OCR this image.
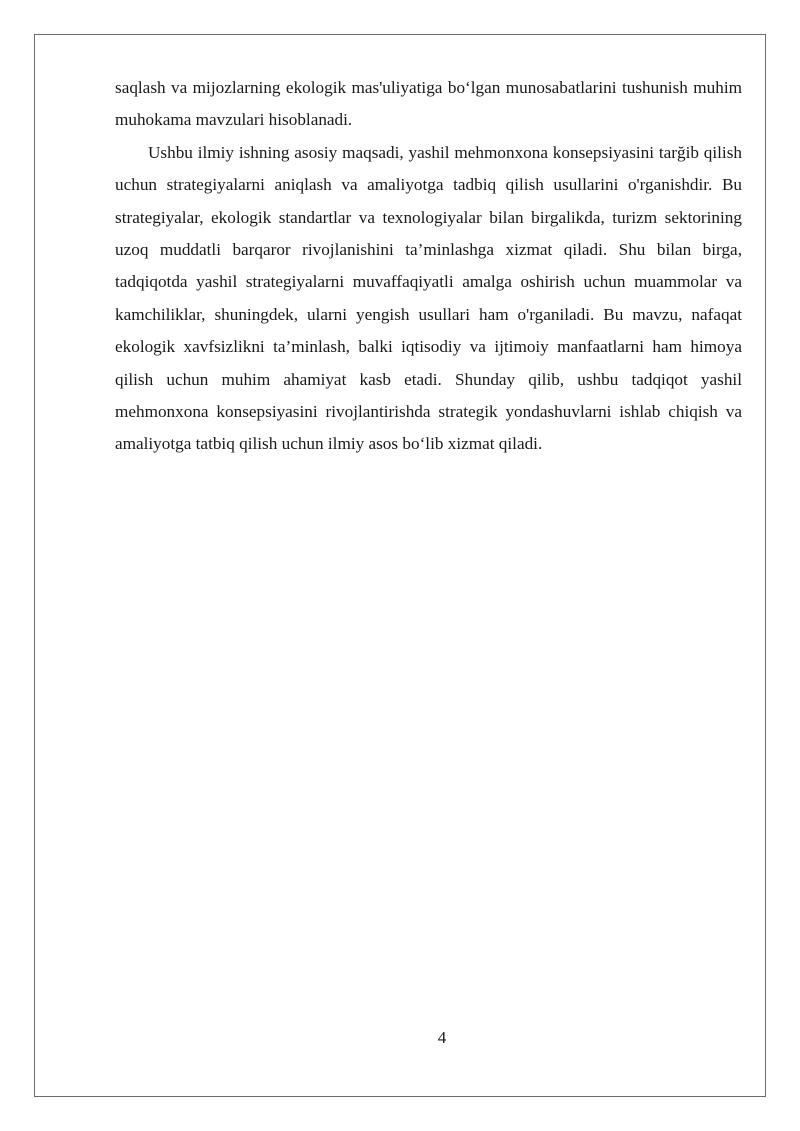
saqlash va mijozlarning ekologik mas'uliyatiga bo‘lgan munosabatlarini tushunish muhim muhokama mavzulari hisoblanadi.

Ushbu ilmiy ishning asosiy maqsadi, yashil mehmonxona konsepsiyasini tarğib qilish uchun strategiyalarni aniqlash va amaliyotga tadbiq qilish usullarini o'rganishdir. Bu strategiyalar, ekologik standartlar va texnologiyalar bilan birgalikda, turizm sektorining uzoq muddatli barqaror rivojlanishini ta’minlashga xizmat qiladi. Shu bilan birga, tadqiqotda yashil strategiyalarni muvaffaqiyatli amalga oshirish uchun muammolar va kamchiliklar, shuningdek, ularni yengish usullari ham o'rganiladi. Bu mavzu, nafaqat ekologik xavfsizlikni ta’minlash, balki iqtisodiy va ijtimoiy manfaatlarni ham himoya qilish uchun muhim ahamiyat kasb etadi. Shunday qilib, ushbu tadqiqot yashil mehmonxona konsepsiyasini rivojlantirishda strategik yondashuvlarni ishlab chiqish va amaliyotga tatbiq qilish uchun ilmiy asos bo‘lib xizmat qiladi.

4
